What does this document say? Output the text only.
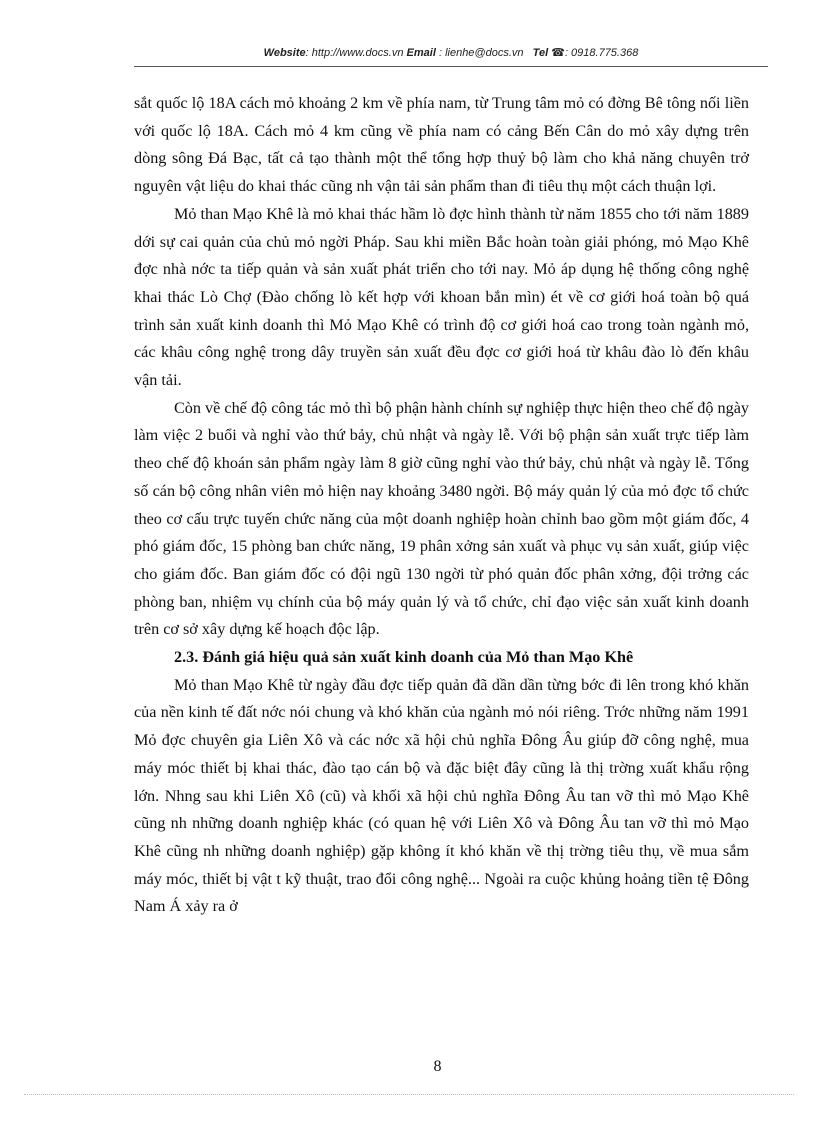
Website: http://www.docs.vn Email : lienhe@docs.vn Tel ☎: 0918.775.368

sắt quốc lộ 18A cách mỏ khoảng 2 km về phía nam, từ Trung tâm mỏ có đờng Bê tông nối liền với quốc lộ 18A. Cách mỏ 4 km cũng về phía nam có cảng Bến Cân do mỏ xây dựng trên dòng sông Đá Bạc, tất cả tạo thành một thể tổng hợp thuỷ bộ làm cho khả năng chuyên trở nguyên vật liệu do khai thác cũng nh vận tải sản phẩm than đi tiêu thụ một cách thuận lợi.

Mỏ than Mạo Khê là mỏ khai thác hầm lò đợc hình thành từ năm 1855 cho tới năm 1889 dới sự cai quản của chủ mỏ ngời Pháp. Sau khi miền Bắc hoàn toàn giải phóng, mỏ Mạo Khê đợc nhà nớc ta tiếp quản và sản xuất phát triển cho tới nay. Mỏ áp dụng hệ thống công nghệ khai thác Lò Chợ (Đào chống lò kết hợp với khoan bắn mìn) ét về cơ giới hoá toàn bộ quá trình sản xuất kinh doanh thì Mỏ Mạo Khê có trình độ cơ giới hoá cao trong toàn ngành mỏ, các khâu công nghệ trong dây truyền sản xuất đều đợc cơ giới hoá từ khâu đào lò đến khâu vận tải.

Còn về chế độ công tác mỏ thì bộ phận hành chính sự nghiệp thực hiện theo chế độ ngày làm việc 2 buổi và nghỉ vào thứ bảy, chủ nhật và ngày lễ. Với bộ phận sản xuất trực tiếp làm theo chế độ khoán sản phẩm ngày làm 8 giờ cũng nghỉ vào thứ bảy, chủ nhật và ngày lễ. Tổng số cán bộ công nhân viên mỏ hiện nay khoảng 3480 ngời. Bộ máy quản lý của mỏ đợc tổ chức theo cơ cấu trực tuyến chức năng của một doanh nghiệp hoàn chỉnh bao gồm một giám đốc, 4 phó giám đốc, 15 phòng ban chức năng, 19 phân xởng sản xuất và phục vụ sản xuất, giúp việc cho giám đốc. Ban giám đốc có đội ngũ 130 ngời từ phó quản đốc phân xởng, đội trởng các phòng ban, nhiệm vụ chính của bộ máy quản lý và tổ chức, chỉ đạo việc sản xuất kinh doanh trên cơ sở xây dựng kế hoạch độc lập.

2.3. Đánh giá hiệu quả sản xuất kinh doanh của Mỏ than Mạo Khê

Mỏ than Mạo Khê từ ngày đầu đợc tiếp quản đã dần dần từng bớc đi lên trong khó khăn của nền kinh tế đất nớc nói chung và khó khăn của ngành mỏ nói riêng. Trớc những năm 1991 Mỏ đợc chuyên gia Liên Xô và các nớc xã hội chủ nghĩa Đông Âu giúp đỡ công nghệ, mua máy móc thiết bị khai thác, đào tạo cán bộ và đặc biệt đây cũng là thị trờng xuất khẩu rộng lớn. Nhng sau khi Liên Xô (cũ) và khối xã hội chủ nghĩa Đông Âu tan vỡ thì mỏ Mạo Khê cũng nh những doanh nghiệp khác (có quan hệ với Liên Xô và Đông Âu tan vỡ thì mỏ Mạo Khê cũng nh những doanh nghiệp) gặp không ít khó khăn về thị trờng tiêu thụ, về mua sắm máy móc, thiết bị vật t kỹ thuật, trao đổi công nghệ... Ngoài ra cuộc khủng hoảng tiền tệ Đông Nam Á xảy ra ở

8
